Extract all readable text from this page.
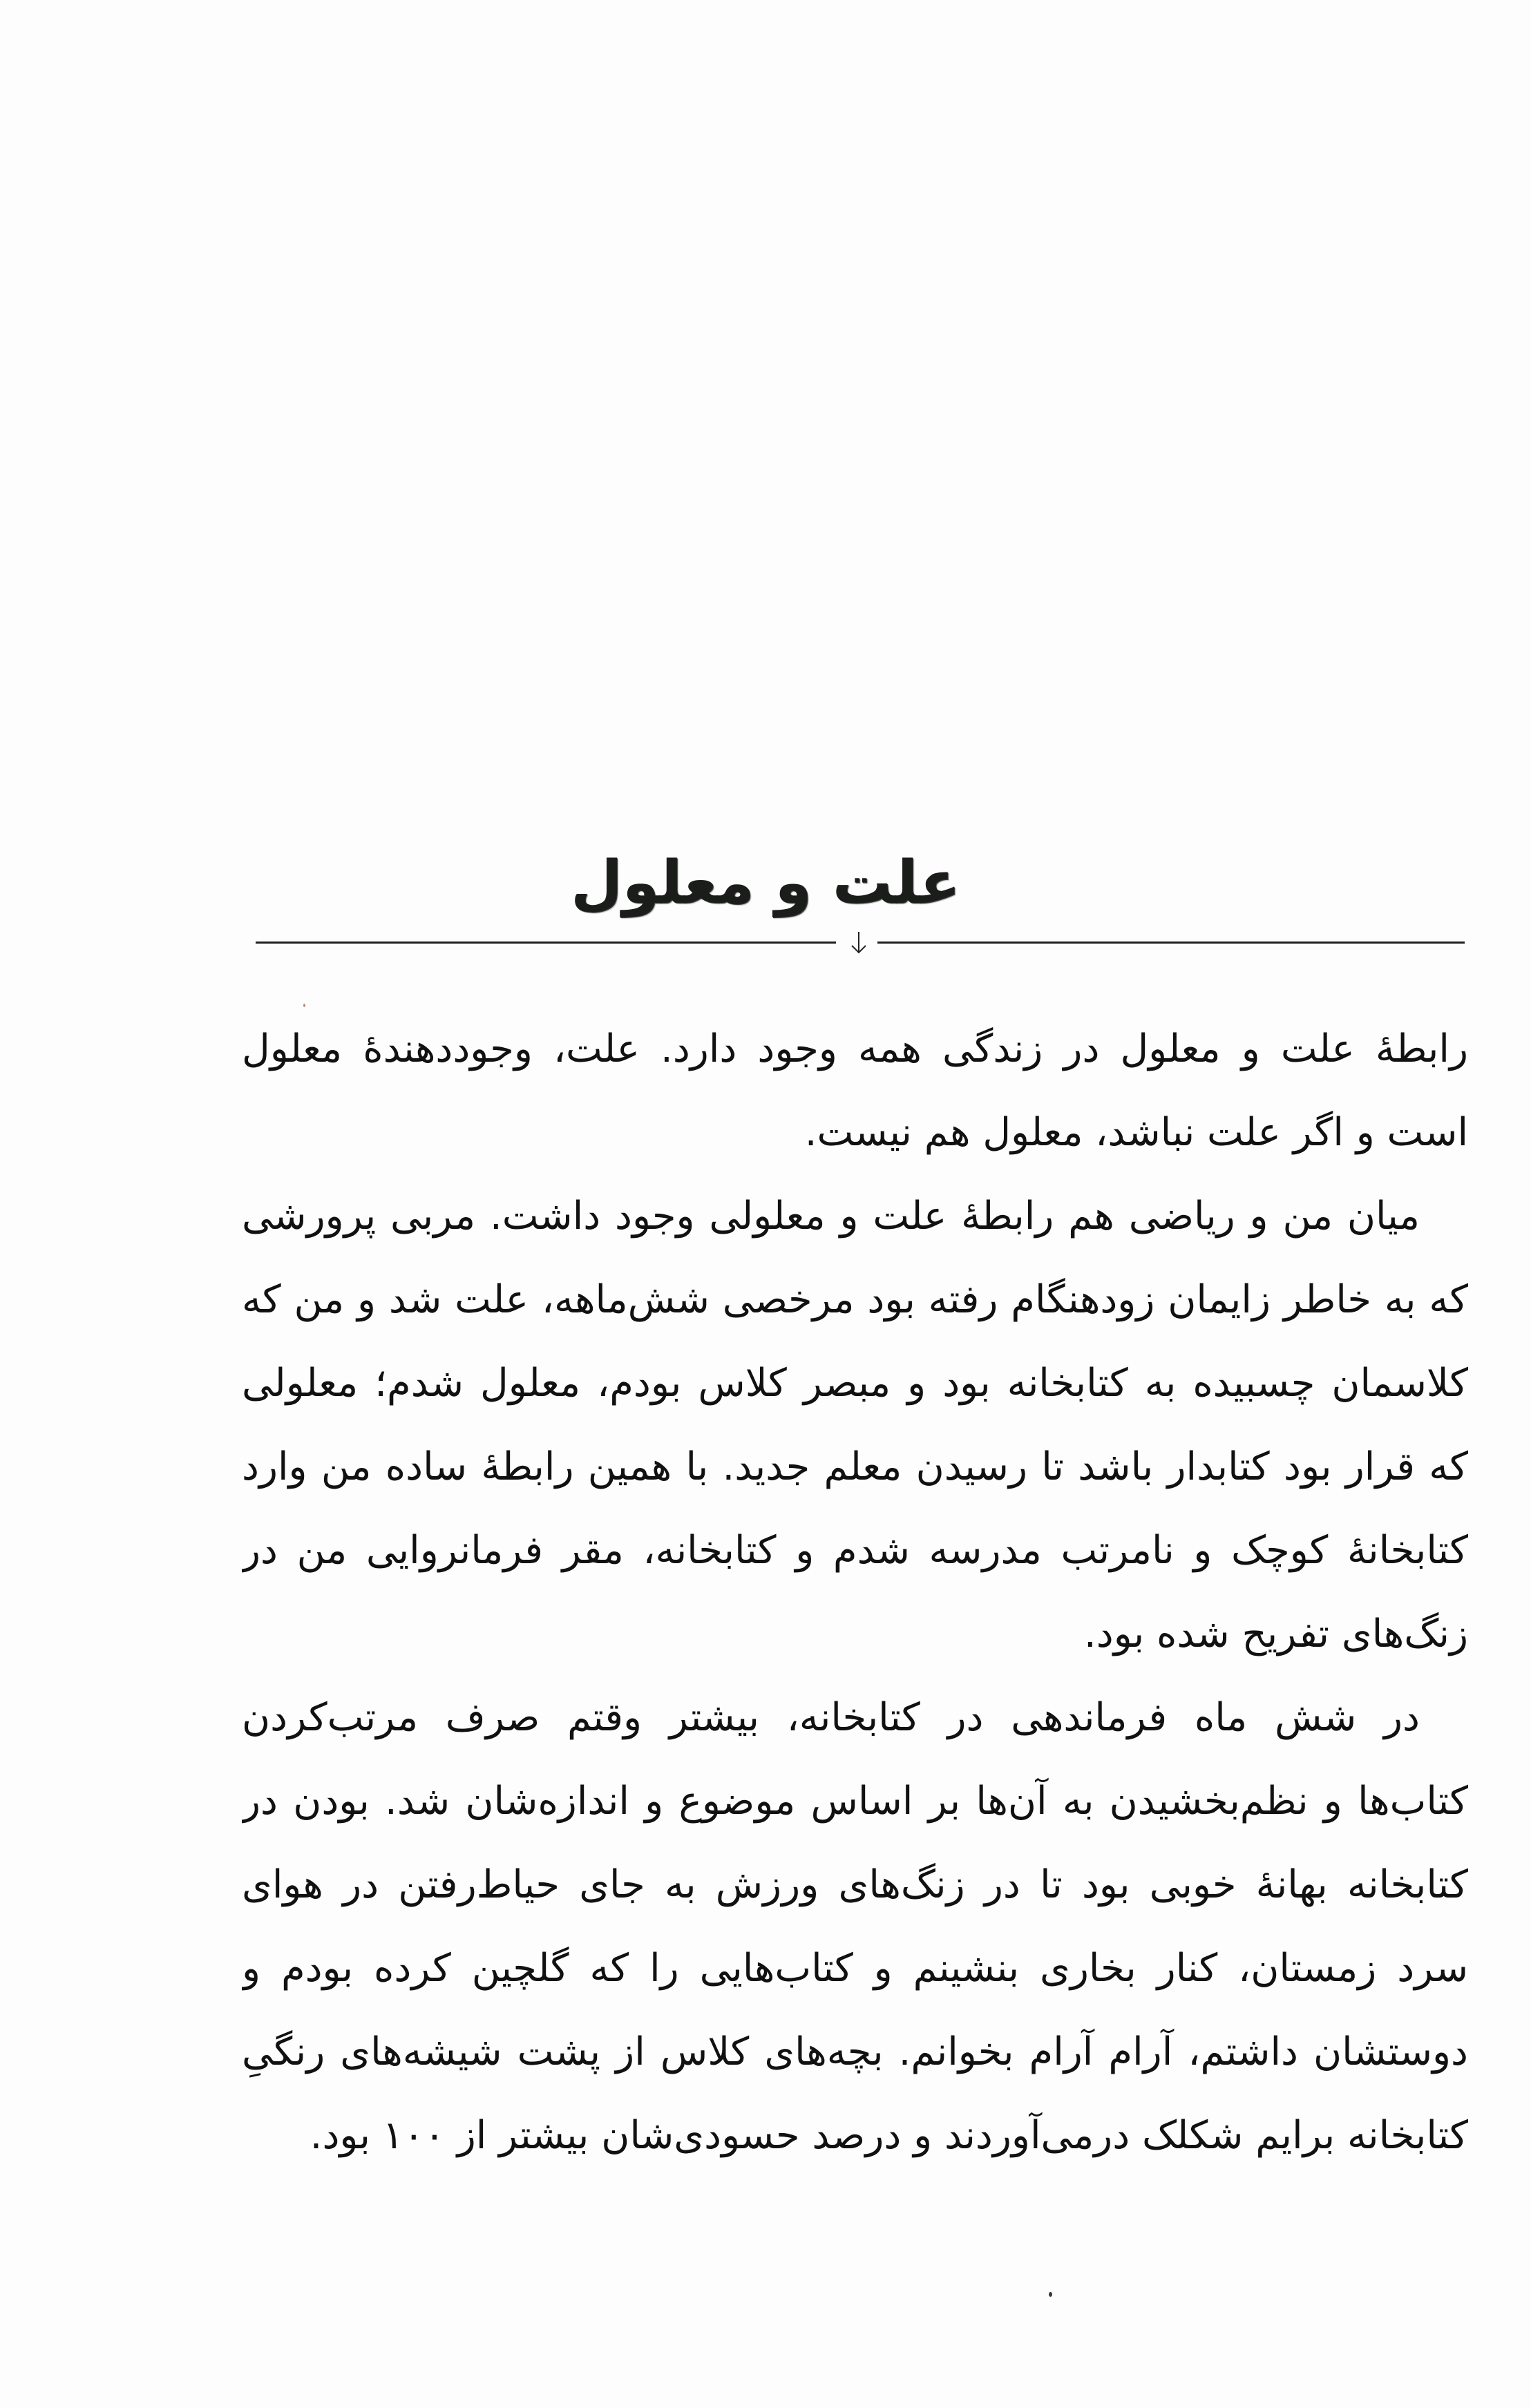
علت و معلول
رابطهٔ علت و معلول در زندگی همه وجود دارد. علت، وجوددهندهٔ معلول
است و اگر علت نباشد، معلول هم نیست.
میان من و ریاضی هم رابطهٔ علت و معلولی وجود داشت. مربی پرورشی
که به خاطر زایمان زودهنگام رفته بود مرخصی شش‌ماهه، علت شد و من که
کلاسمان چسبیده به کتابخانه بود و مبصر کلاس بودم، معلول شدم؛ معلولی
که قرار بود کتابدار باشد تا رسیدن معلم جدید. با همین رابطهٔ ساده من وارد
کتابخانهٔ کوچک و نامرتب مدرسه شدم و کتابخانه، مقر فرمانروایی من در
زنگ‌های تفریح شده بود.
در شش ماه فرماندهی در کتابخانه، بیشتر وقتم صرف مرتب‌کردن
کتاب‌ها و نظم‌بخشیدن به آن‌ها بر اساس موضوع و اندازه‌شان شد. بودن در
کتابخانه بهانهٔ خوبی بود تا در زنگ‌های ورزش به جای حیاط‌رفتن در هوای
سرد زمستان، کنار بخاری بنشینم و کتاب‌هایی را که گلچین کرده بودم و
دوستشان داشتم، آرام آرام بخوانم. بچه‌های کلاس از پشت شیشه‌های رنگیِ
کتابخانه برایم شکلک درمی‌آوردند و درصد حسودی‌شان بیشتر از ۱۰۰ بود.
